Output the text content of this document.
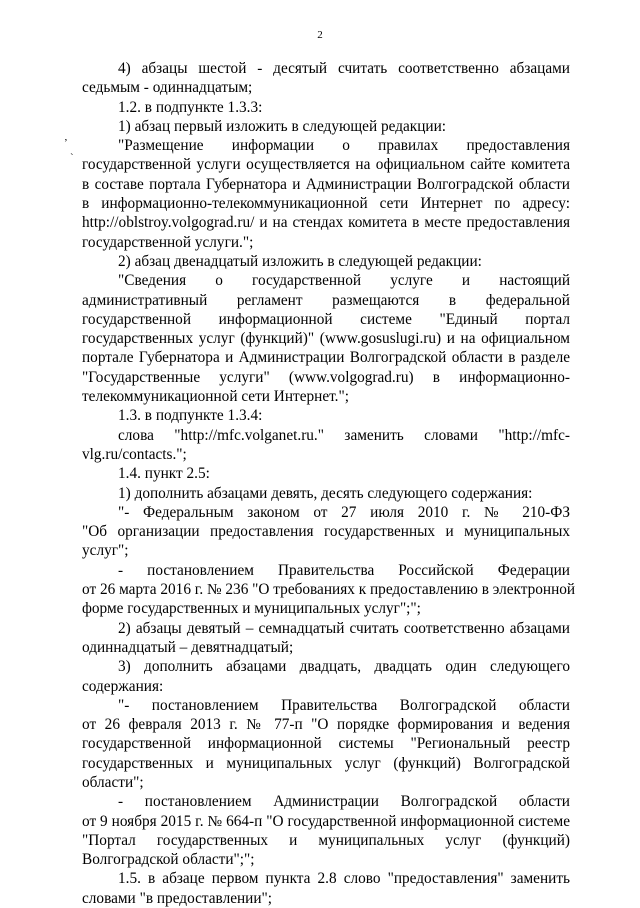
2
’
`
4) абзацы шестой - десятый считать соответственно абзацами
седьмым - одиннадцатым;
1.2. в подпункте 1.3.3:
1) абзац первый изложить в следующей редакции:
"Размещение информации о правилах предоставления
государственной услуги осуществляется на официальном сайте комитета
в составе портала Губернатора и Администрации Волгоградской области
в информационно-телекоммуникационной сети Интернет по адресу:
http://oblstroy.volgograd.ru/ и на стендах комитета в месте предоставления
государственной услуги.";
2) абзац двенадцатый изложить в следующей редакции:
"Сведения о государственной услуге и настоящий
административный регламент размещаются в федеральной
государственной информационной системе "Единый портал
государственных услуг (функций)" (www.gosuslugi.ru) и на официальном
портале Губернатора и Администрации Волгоградской области в разделе
"Государственные услуги" (www.volgograd.ru) в информационно-
телекоммуникационной сети Интернет.";
1.3. в подпункте 1.3.4:
слова "http://mfc.volganet.ru." заменить словами "http://mfc-
vlg.ru/contacts.";
1.4. пункт 2.5:
1) дополнить абзацами девять, десять следующего содержания:
"- Федеральным законом от 27 июля 2010 г. № 210-ФЗ
"Об организации предоставления государственных и муниципальных
услуг";
- постановлением Правительства Российской Федерации
от 26 марта 2016 г. № 236 "О требованиях к предоставлению в электронной
форме государственных и муниципальных услуг";";
2) абзацы девятый – семнадцатый считать соответственно абзацами
одиннадцатый – девятнадцатый;
3) дополнить абзацами двадцать, двадцать один следующего
содержания:
"- постановлением Правительства Волгоградской области
от 26 февраля 2013 г. № 77-п "О порядке формирования и ведения
государственной информационной системы "Региональный реестр
государственных и муниципальных услуг (функций) Волгоградской
области";
- постановлением Администрации Волгоградской области
от 9 ноября 2015 г. № 664-п "О государственной информационной системе
"Портал государственных и муниципальных услуг (функций)
Волгоградской области";";
1.5. в абзаце первом пункта 2.8 слово "предоставления" заменить
словами "в предоставлении";
